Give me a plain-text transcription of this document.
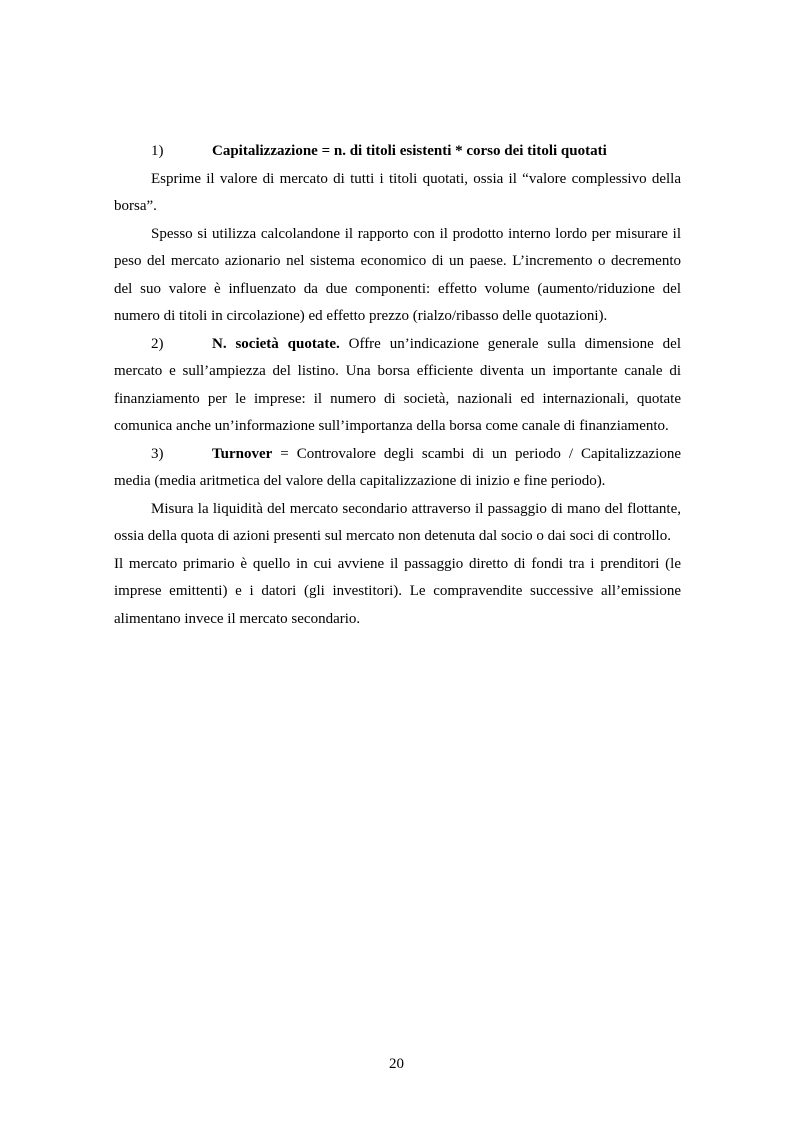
1)	Capitalizzazione = n. di titoli esistenti * corso dei titoli quotati

Esprime il valore di mercato di tutti i titoli quotati, ossia il “valore complessivo della borsa”.

Spesso si utilizza calcolandone il rapporto con il prodotto interno lordo per misurare il peso del mercato azionario nel sistema economico di un paese. L’incremento o decremento del suo valore è influenzato da due componenti: effetto volume (aumento/riduzione del numero di titoli in circolazione) ed effetto prezzo (rialzo/ribasso delle quotazioni).

2)	N. società quotate. Offre un’indicazione generale sulla dimensione del mercato e sull’ampiezza del listino. Una borsa efficiente diventa un importante canale di finanziamento per le imprese: il numero di società, nazionali ed internazionali, quotate comunica anche un’informazione sull’importanza della borsa come canale di finanziamento.

3)	Turnover = Controvalore degli scambi di un periodo / Capitalizzazione media (media aritmetica del valore della capitalizzazione di inizio e fine periodo).

Misura la liquidità del mercato secondario attraverso il passaggio di mano del flottante, ossia della quota di azioni presenti sul mercato non detenuta dal socio o dai soci di controllo.

Il mercato primario è quello in cui avviene il passaggio diretto di fondi tra i prenditori (le imprese emittenti) e i datori (gli investitori). Le compravendite successive all’emissione alimentano invece il mercato secondario.

20
